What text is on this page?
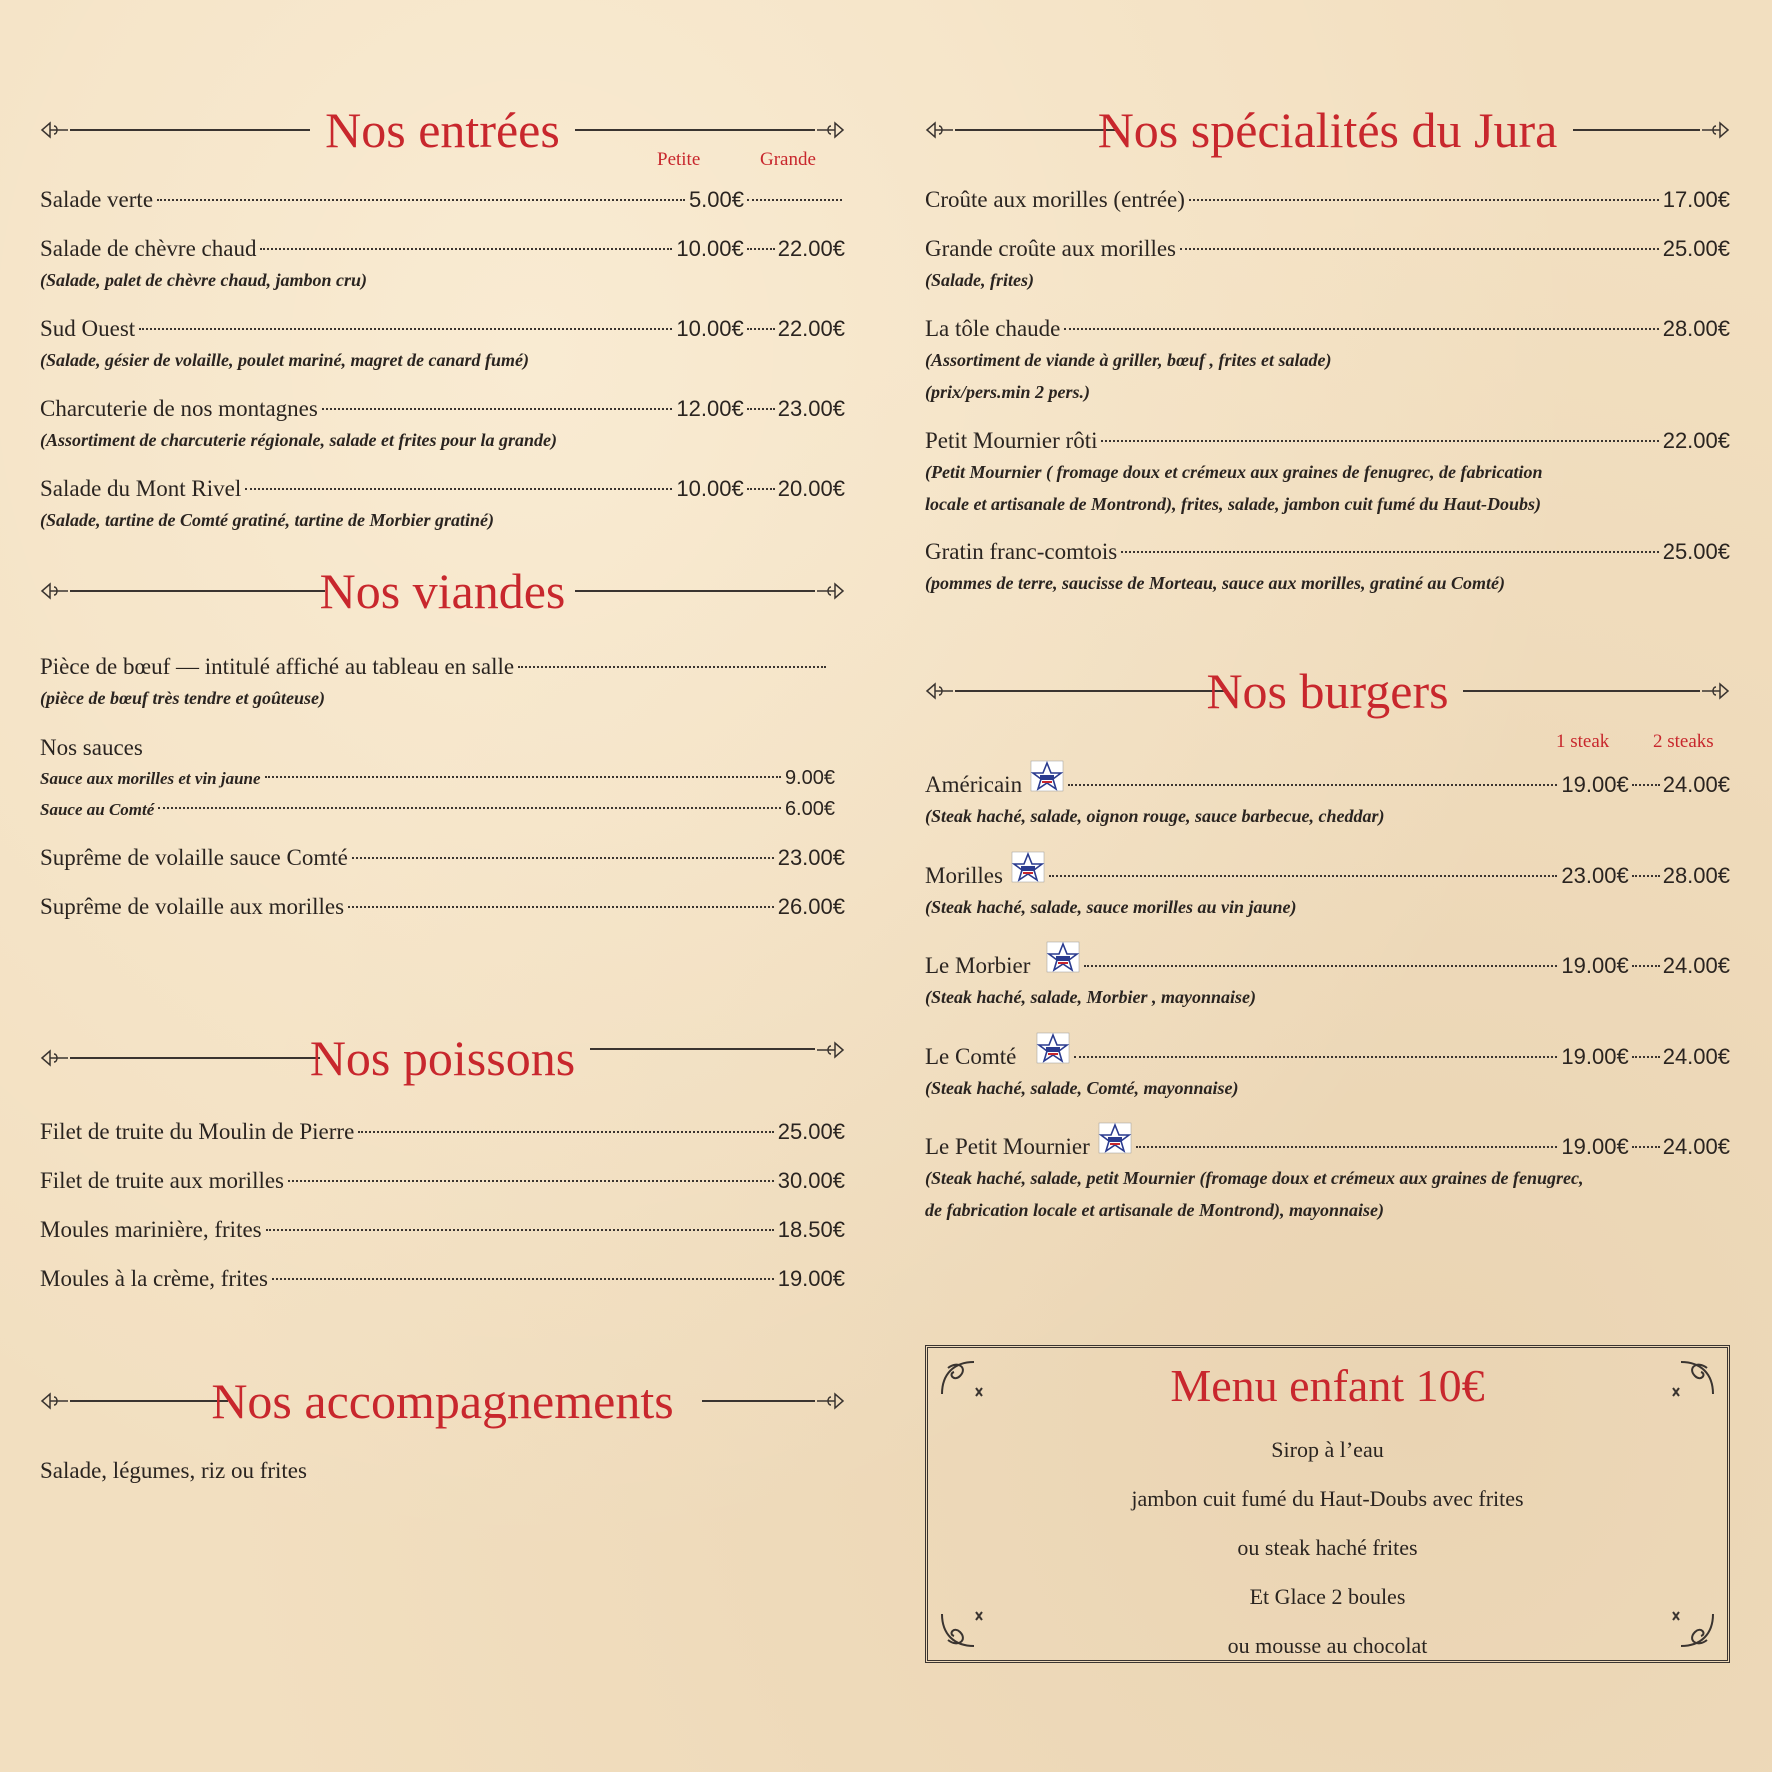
Nos entrées
Petite	Grande
Salade verte	5.00€
Salade de chèvre chaud	10.00€ 22.00€
(Salade, palet de chèvre chaud, jambon cru)
Sud Ouest	10.00€ 22.00€
(Salade, gésier de volaille, poulet mariné, magret de canard fumé)
Charcuterie de nos montagnes	12.00€ 23.00€
(Assortiment de charcuterie régionale, salade et frites pour la grande)
Salade du Mont Rivel	10.00€ 20.00€
(Salade, tartine de Comté gratiné, tartine de Morbier gratiné)
Nos viandes
Pièce de bœuf — intitulé affiché au tableau en salle
(pièce de bœuf très tendre et goûteuse)
Nos sauces
Sauce aux morilles et vin jaune	9.00€
Sauce au Comté	6.00€
Suprême de volaille sauce Comté	23.00€
Suprême de volaille aux morilles	26.00€
Nos poissons
Filet de truite du Moulin de Pierre	25.00€
Filet de truite aux morilles	30.00€
Moules marinière, frites	18.50€
Moules à la crème, frites	19.00€
Nos accompagnements
Salade, légumes, riz ou frites
Nos spécialités du Jura
Croûte aux morilles (entrée)	17.00€
Grande croûte aux morilles	25.00€
(Salade, frites)
La tôle chaude	28.00€
(Assortiment de viande à griller, bœuf , frites et salade)
(prix/pers.min 2 pers.)
Petit Mournier rôti	22.00€
(Petit Mournier ( fromage doux et crémeux aux graines de fenugrec, de fabrication
locale et artisanale de Montrond), frites, salade, jambon cuit fumé du Haut-Doubs)
Gratin franc-comtois	25.00€
(pommes de terre, saucisse de Morteau, sauce aux morilles, gratiné au Comté)
Nos burgers
1 steak 2 steaks
Américain	19.00€ 24.00€
(Steak haché, salade, oignon rouge, sauce barbecue, cheddar)
Morilles	23.00€ 28.00€
(Steak haché, salade, sauce morilles au vin jaune)
Le Morbier	19.00€ 24.00€
(Steak haché, salade, Morbier , mayonnaise)
Le Comté	19.00€ 24.00€
(Steak haché, salade, Comté, mayonnaise)
Le Petit Mournier	19.00€ 24.00€
(Steak haché, salade, petit Mournier (fromage doux et crémeux aux graines de fenugrec,
de fabrication locale et artisanale de Montrond), mayonnaise)
Menu enfant 10€
Sirop à l’eau
jambon cuit fumé du Haut-Doubs avec frites
ou steak haché frites
Et Glace 2 boules
ou mousse au chocolat
